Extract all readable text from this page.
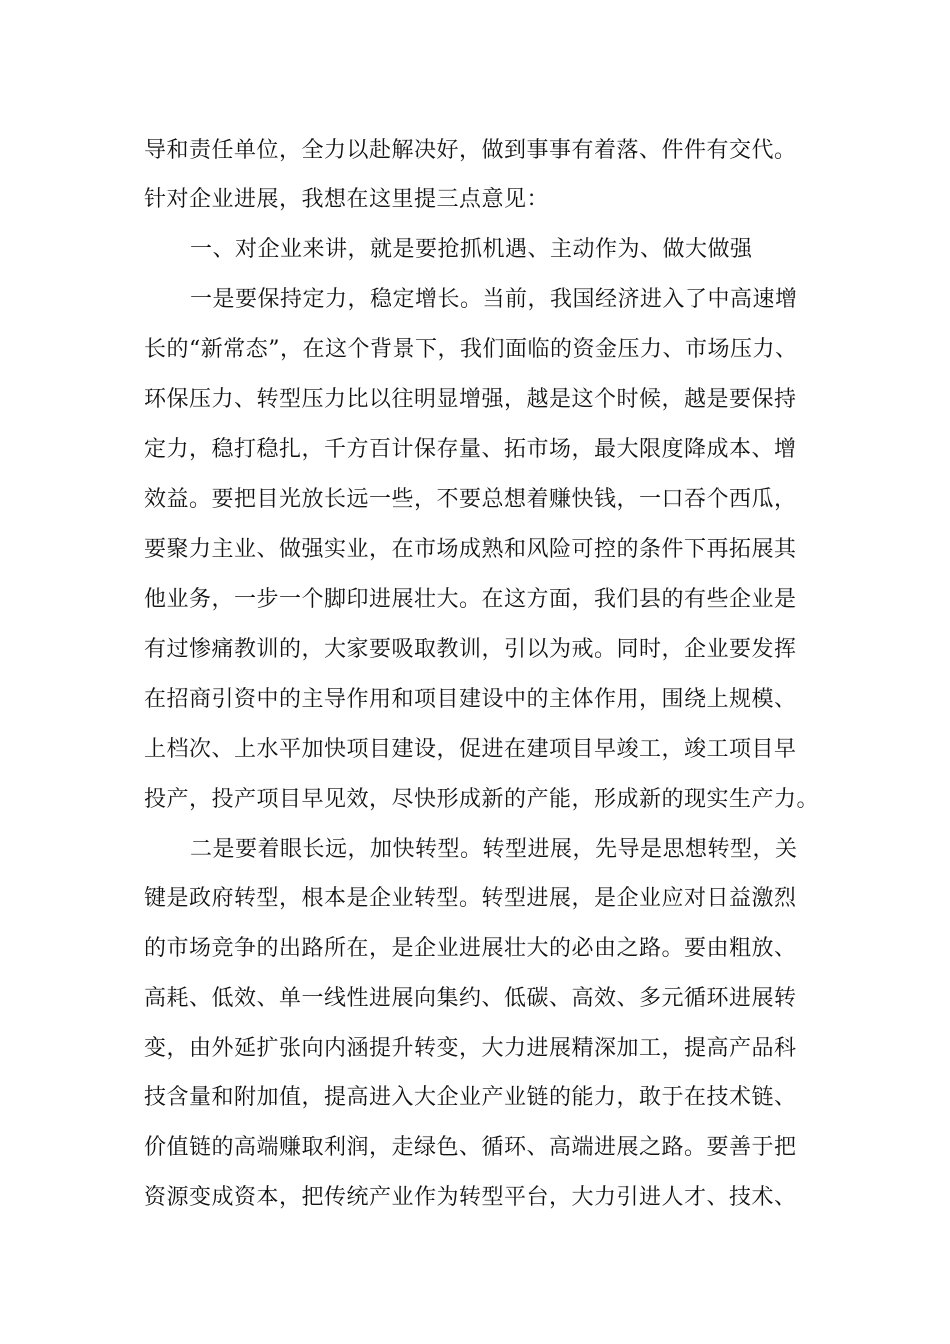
导和责任单位，全力以赴解决好，做到事事有着落、件件有交代。
针对企业进展，我想在这里提三点意见：
一、对企业来讲，就是要抢抓机遇、主动作为、做大做强
一是要保持定力，稳定增长。当前，我国经济进入了中高速增
长的“新常态”，在这个背景下，我们面临的资金压力、市场压力、
环保压力、转型压力比以往明显增强，越是这个时候，越是要保持
定力，稳打稳扎，千方百计保存量、拓市场，最大限度降成本、增
效益。要把目光放长远一些，不要总想着赚快钱，一口吞个西瓜，
要聚力主业、做强实业，在市场成熟和风险可控的条件下再拓展其
他业务，一步一个脚印进展壮大。在这方面，我们县的有些企业是
有过惨痛教训的，大家要吸取教训，引以为戒。同时，企业要发挥
在招商引资中的主导作用和项目建设中的主体作用，围绕上规模、
上档次、上水平加快项目建设，促进在建项目早竣工，竣工项目早
投产，投产项目早见效，尽快形成新的产能，形成新的现实生产力。
二是要着眼长远，加快转型。转型进展，先导是思想转型，关
键是政府转型，根本是企业转型。转型进展，是企业应对日益激烈
的市场竞争的出路所在，是企业进展壮大的必由之路。要由粗放、
高耗、低效、单一线性进展向集约、低碳、高效、多元循环进展转
变，由外延扩张向内涵提升转变，大力进展精深加工，提高产品科
技含量和附加值，提高进入大企业产业链的能力，敢于在技术链、
价值链的高端赚取利润，走绿色、循环、高端进展之路。要善于把
资源变成资本，把传统产业作为转型平台，大力引进人才、技术、
